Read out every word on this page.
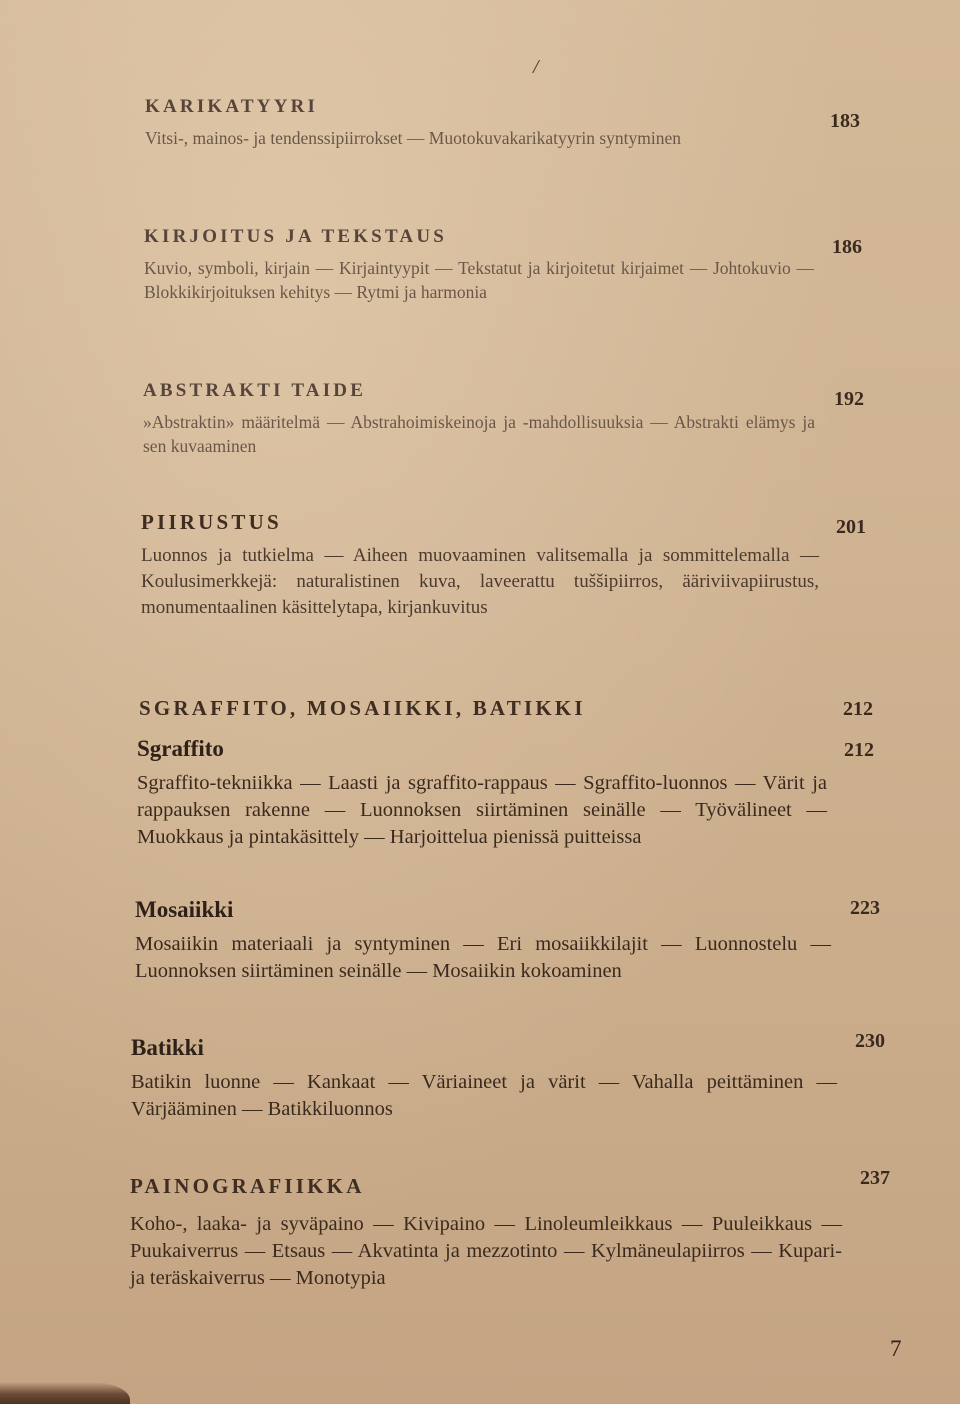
/
KARIKATYYRI
Vitsi-, mainos- ja tendenssipiirrokset — Muotokuvakarikatyyrin syntyminen
183
KIRJOITUS JA TEKSTAUS
Kuvio, symboli, kirjain — Kirjaintyypit — Tekstatut ja kirjoitetut kirjaimet — Johtokuvio — Blokkikirjoituksen kehitys — Rytmi ja harmonia
186
ABSTRAKTI TAIDE
»Abstraktin» määritelmä — Abstrahoimiskeinoja ja -mahdollisuuksia — Abstrakti elämys ja sen kuvaaminen
192
PIIRUSTUS
Luonnos ja tutkielma — Aiheen muovaaminen valitsemalla ja sommittelemalla — Koulusimerkkejä: naturalistinen kuva, laveerattu tuššipiirros, ääriviivapiirustus, monumentaalinen käsittelytapa, kirjankuvitus
201
SGRAFFITO, MOSAIIKKI, BATIKKI	212
Sgraffito
Sgraffito-tekniikka — Laasti ja sgraffito-rappaus — Sgraffito-luonnos — Värit ja rappauksen rakenne — Luonnoksen siirtäminen seinälle — Työvälineet — Muokkaus ja pintakäsittely — Harjoittelua pienissä puitteissa
212
Mosaiikki
Mosaiikin materiaali ja syntyminen — Eri mosaiikkilajit — Luonnostelu — Luonnoksen siirtäminen seinälle — Mosaiikin kokoaminen
223
Batikki
Batikin luonne — Kankaat — Väriaineet ja värit — Vahalla peittäminen — Värjääminen — Batikkiluonnos
230
PAINOGRAFIIKKA
Koho-, laaka- ja syväpaino — Kivipaino — Linoleumleikkaus — Puuleikkaus — Puukaiverrus — Etsaus — Akvatinta ja mezzotinto — Kylmäneulapiirros — Kupari- ja teräskaiverrus — Monotypia
237
7
